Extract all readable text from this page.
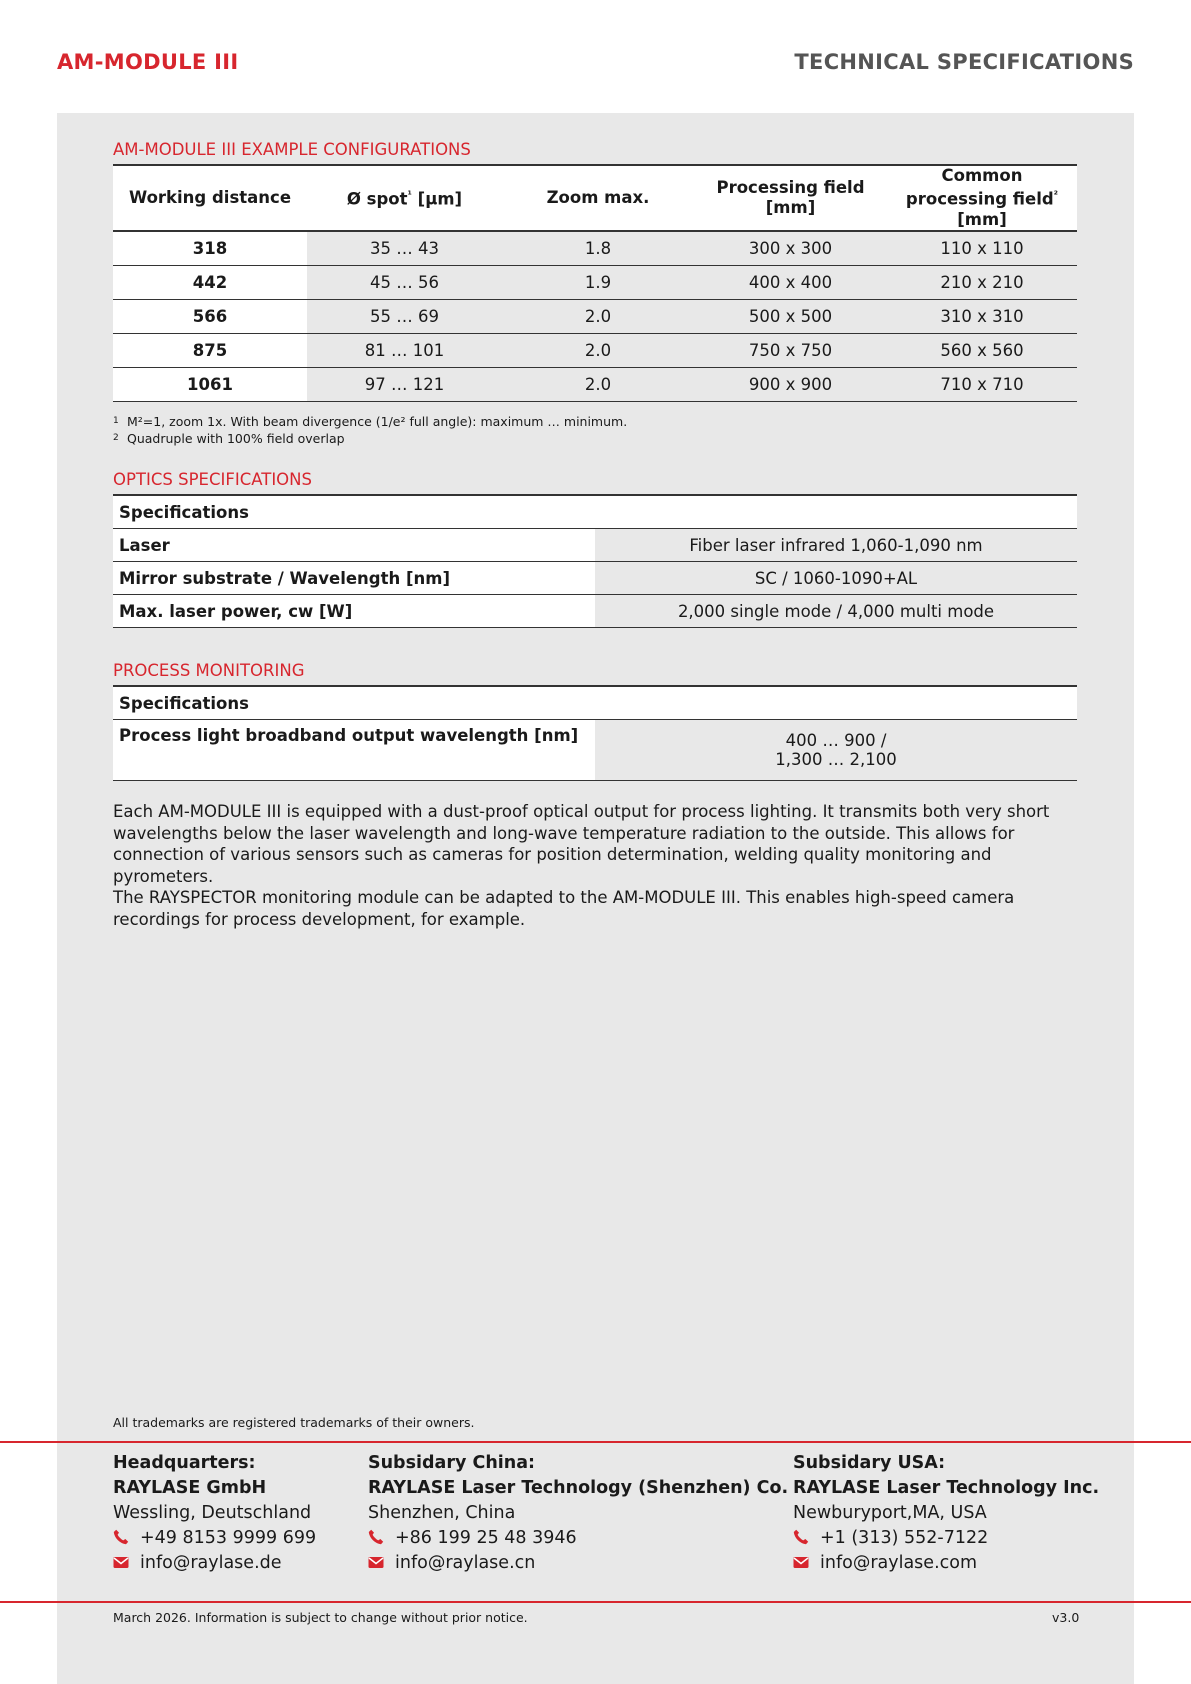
AM-MODULE III	TECHNICAL SPECIFICATIONS
AM-MODULE III EXAMPLE CONFIGURATIONS
Working distance	Ø spot$^{^1}$ [µm]	Zoom max.	Processing field [mm]	Common processing field$^{^2}$ [mm]
318	35 … 43	1.8	300 x 300	110 x 110
442	45 … 56	1.9	400 x 400	210 x 210
566	55 … 69	2.0	500 x 500	310 x 310
875	81 … 101	2.0	750 x 750	560 x 560
1061	97 … 121	2.0	900 x 900	710 x 710
1 M²=1, zoom 1x. With beam divergence (1/e² full angle): maximum … minimum.
2 Quadruple with 100% field overlap
OPTICS SPECIFICATIONS
Specifications	
Laser	Fiber laser infrared 1,060-1,090 nm
Mirror substrate / Wavelength [nm]	SC / 1060-1090+AL
Max. laser power, cw [W]	2,000 single mode / 4,000 multi mode
PROCESS MONITORING
Specifications	
Process light broadband output wavelength [nm]	400 … 900 /
1,300 … 2,100
Each AM-MODULE III is equipped with a dust-proof optical output for process lighting. It transmits both very short wavelengths below the laser wavelength and long-wave temperature radiation to the outside. This allows for connection of various sensors such as cameras for position determination, welding quality monitoring and pyrometers.
The RAYSPECTOR monitoring module can be adapted to the AM-MODULE III. This enables high-speed camera recordings for process development, for example.
All trademarks are registered trademarks of their owners.
Headquarters:
RAYLASE GmbH
Wessling, Deutschland
+49 8153 9999 699
info@raylase.de
Subsidary China:
RAYLASE Laser Technology (Shenzhen) Co.
Shenzhen, China
+86 199 25 48 3946
info@raylase.cn
Subsidary USA:
RAYLASE Laser Technology Inc.
Newburyport,MA, USA
+1 (313) 552-7122
info@raylase.com
March 2026. Information is subject to change without prior notice.	v3.0
